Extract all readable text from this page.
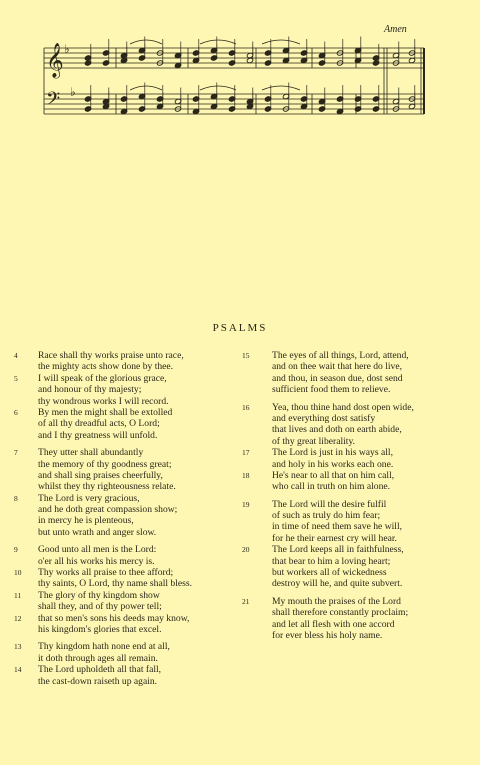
𝄞
𝄢
♭
♭
Amen
PSALMS
4	Race shall thy works praise unto race,
the mighty acts show done by thee.
5	I will speak of the glorious grace,
and honour of thy majesty;
thy wondrous works I will record.
6	By men the might shall be extolled
of all thy dreadful acts, O Lord;
and I thy greatness will unfold.
7	They utter shall abundantly
the memory of thy goodness great;
and shall sing praises cheerfully,
whilst they thy righteousness relate.
8	The Lord is very gracious,
and he doth great compassion show;
in mercy he is plenteous,
but unto wrath and anger slow.
9	Good unto all men is the Lord:
o'er all his works his mercy is.
10	Thy works all praise to thee afford;
thy saints, O Lord, thy name shall bless.
11	The glory of thy kingdom show
shall they, and of thy power tell;
12	that so men's sons his deeds may know,
his kingdom's glories that excel.
13	Thy kingdom hath none end at all,
it doth through ages all remain.
14	The Lord upholdeth all that fall,
the cast-down raiseth up again.
15	The eyes of all things, Lord, attend,
and on thee wait that here do live,
and thou, in season due, dost send
sufficient food them to relieve.
16	Yea, thou thine hand dost open wide,
and everything dost satisfy
that lives and doth on earth abide,
of thy great liberality.
17	The Lord is just in his ways all,
and holy in his works each one.
18	He's near to all that on him call,
who call in truth on him alone.
19	The Lord will the desire fulfil
of such as truly do him fear;
in time of need them save he will,
for he their earnest cry will hear.
20	The Lord keeps all in faithfulness,
that bear to him a loving heart;
but workers all of wickedness
destroy will he, and quite subvert.
21	My mouth the praises of the Lord
shall therefore constantly proclaim;
and let all flesh with one accord
for ever bless his holy name.
